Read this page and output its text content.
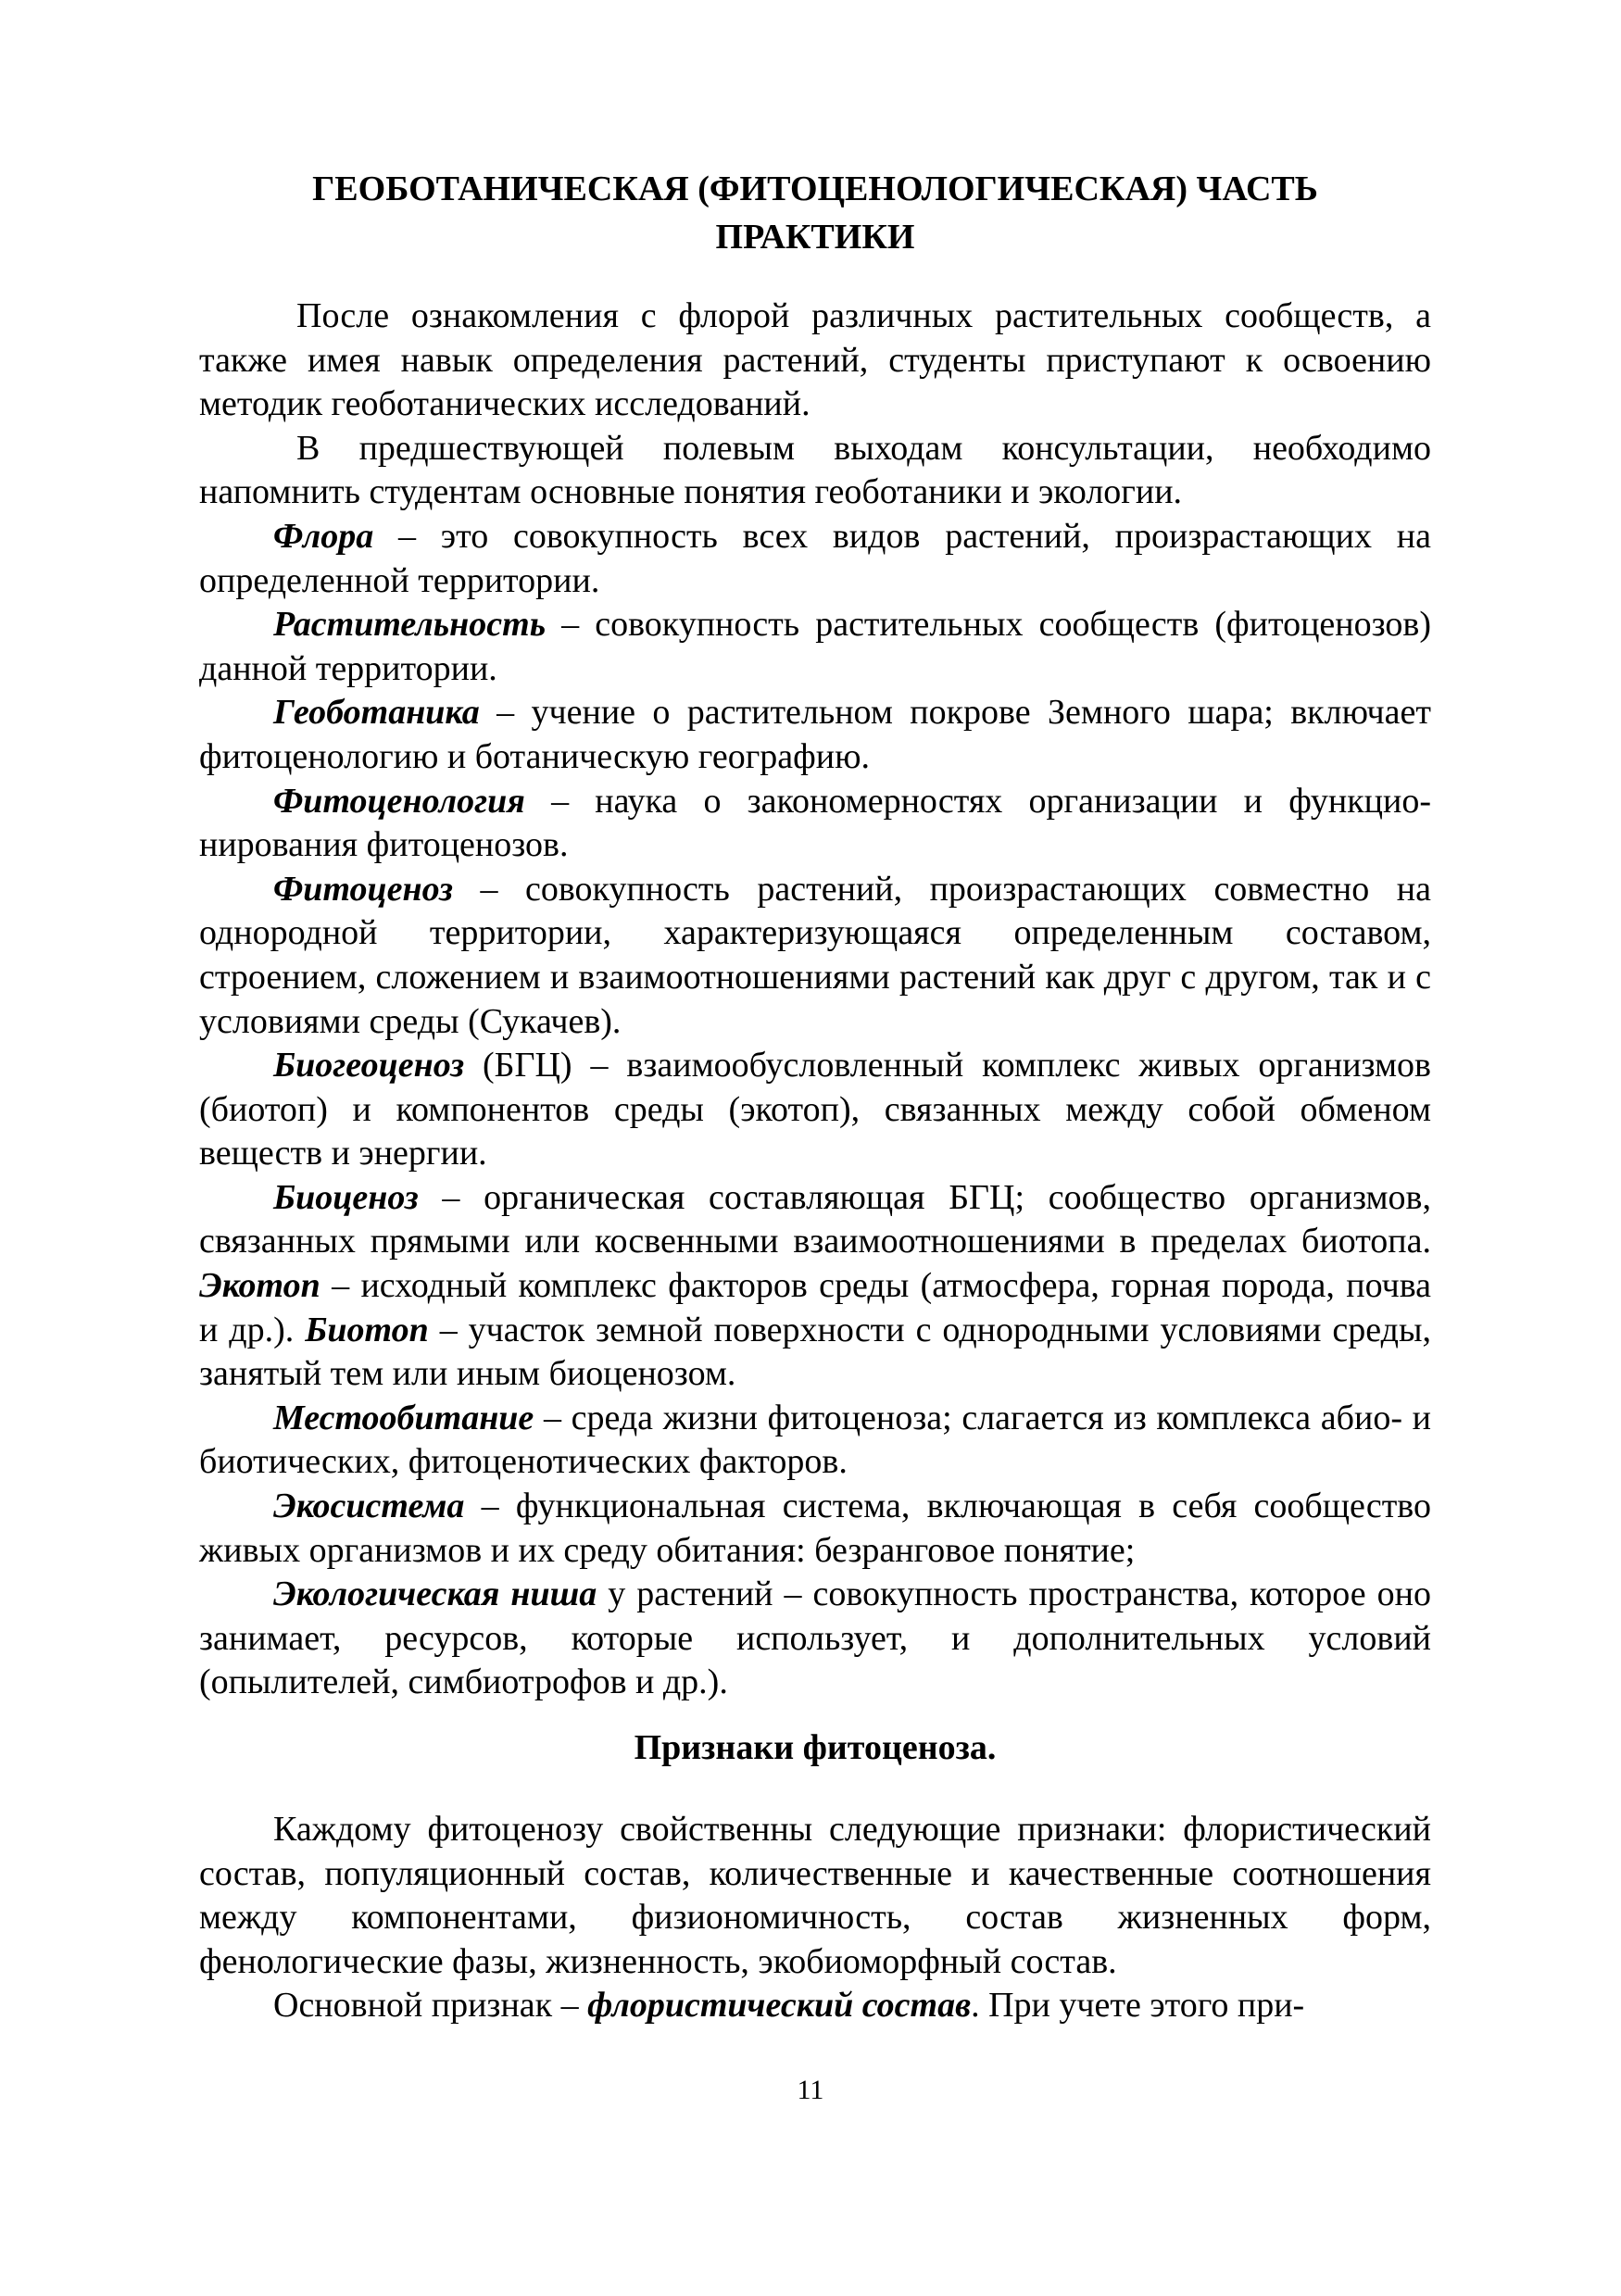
ГЕОБОТАНИЧЕСКАЯ (ФИТОЦЕНОЛОГИЧЕСКАЯ) ЧАСТЬ
ПРАКТИКИ

После ознакомления с флорой различных растительных сообществ, а также имея навык определения растений, студенты приступают к освоению методик геоботанических исследований.

В предшествующей полевым выходам консультации, необходимо напомнить студентам основные понятия геоботаники и экологии.

Флора – это совокупность всех видов растений, произрастающих на определенной территории.

Растительность – совокупность растительных сообществ (фитоценозов) данной территории.

Геоботаника – учение о растительном покрове Земного шара; включает фитоценологию и ботаническую географию.

Фитоценология – наука о закономерностях организации и функционирования фитоценозов.

Фитоценоз – совокупность растений, произрастающих совместно на однородной территории, характеризующаяся определенным составом, строением, сложением и взаимоотношениями растений как друг с другом, так и с условиями среды (Сукачев).

Биогеоценоз (БГЦ) – взаимообусловленный комплекс живых организмов (биотоп) и компонентов среды (экотоп), связанных между собой обменом веществ и энергии.

Биоценоз – органическая составляющая БГЦ; сообщество организмов, связанных прямыми или косвенными взаимоотношениями в пределах биотопа. Экотоп – исходный комплекс факторов среды (атмосфера, горная порода, почва и др.). Биотоп – участок земной поверхности с однородными условиями среды, занятый тем или иным биоценозом.

Местообитание – среда жизни фитоценоза; слагается из комплекса абио- и биотических, фитоценотических факторов.

Экосистема – функциональная система, включающая в себя сообщество живых организмов и их среду обитания: безранговое понятие;

Экологическая ниша у растений – совокупность пространства, которое оно занимает, ресурсов, которые использует, и дополнительных условий (опылителей, симбиотрофов и др.).

Признаки фитоценоза.

Каждому фитоценозу свойственны следующие признаки: флористический состав, популяционный состав, количественные и качественные соотношения между компонентами, физиономичность, состав жизненных форм, фенологические фазы, жизненность, экобиоморфный состав.

Основной признак – флористический состав. При учете этого при-

11
